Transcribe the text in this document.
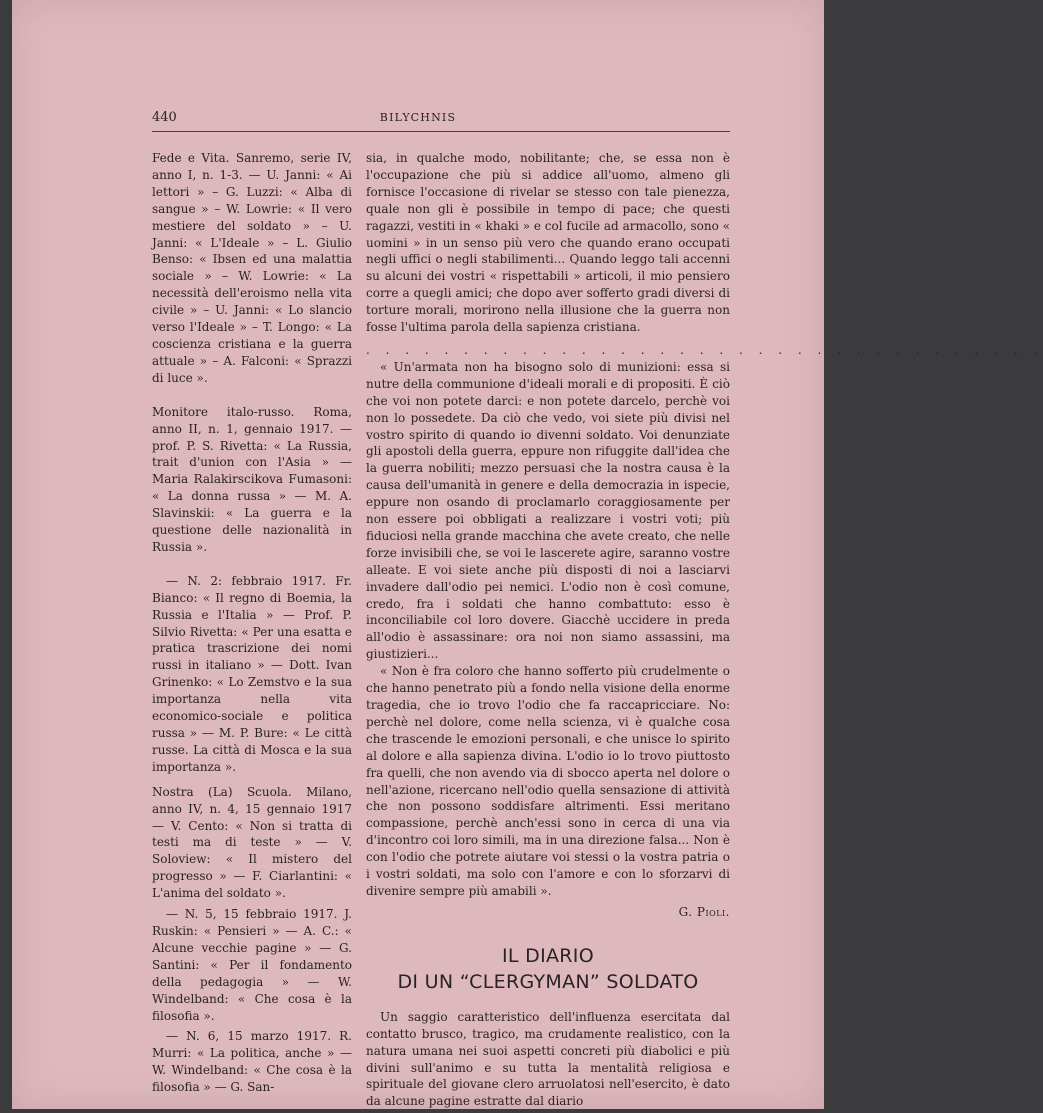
440	BILYCHNIS

Fede e Vita. Sanremo, serie IV, anno I, n. 1-3. — U. Janni: « Ai lettori » – G. Luzzi: « Alba di sangue » – W. Lowrie: « Il vero mestiere del soldato » – U. Janni: « L'Ideale » – L. Giulio Benso: « Ibsen ed una malattia sociale » – W. Lowrie: « La necessità dell'eroismo nella vita civile » – U. Janni: « Lo slancio verso l'Ideale » – T. Longo: « La coscienza cristiana e la guerra attuale » – A. Falconi: « Sprazzi di luce ».

Monitore italo-russo. Roma, anno II, n. 1, gennaio 1917. — prof. P. S. Rivetta: « La Russia, trait d'union con l'Asia » — Maria Ralakirscikova Fumasoni: « La donna russa » — M. A. Slavinskii: « La guerra e la questione delle nazionalità in Russia ».

— N. 2: febbraio 1917. Fr. Bianco: « Il regno di Boemia, la Russia e l'Italia » — Prof. P. Silvio Rivetta: « Per una esatta e pratica trascrizione dei nomi russi in italiano » — Dott. Ivan Grinenko: « Lo Zemstvo e la sua importanza nella vita economico-sociale e politica russa » — M. P. Bure: « Le città russe. La città di Mosca e la sua importanza ».

Nostra (La) Scuola. Milano, anno IV, n. 4, 15 gennaio 1917 — V. Cento: « Non si tratta di testi ma di teste » — V. Soloview: « Il mistero del progresso » — F. Ciarlantini: « L'anima del soldato ».

— N. 5, 15 febbraio 1917. J. Ruskin: « Pensieri » — A. C.: « Alcune vecchie pagine » — G. Santini: « Per il fondamento della pedagogia » — W. Windelband: « Che cosa è la filosofia ».

— N. 6, 15 marzo 1917. R. Murri: « La politica, anche » — W. Windelband: « Che cosa è la filosofia » — G. San-

sia, in qualche modo, nobilitante; che, se essa non è l'occupazione che più si addice all'uomo, almeno gli fornisce l'occasione di rivelar se stesso con tale pienezza, quale non gli è possibile in tempo di pace; che questi ragazzi, vestiti in « khaki » e col fucile ad armacollo, sono « uomini » in un senso più vero che quando erano occupati negli uffici o negli stabilimenti... Quando leggo tali accenni su alcuni dei vostri « rispettabili » articoli, il mio pensiero corre a quegli amici; che dopo aver sofferto gradi diversi di torture morali, morirono nella illusione che la guerra non fosse l'ultima parola della sapienza cristiana.

. . . . . . . . . . . . . . . . . . . . . . . . . . . . . . . . . . .

« Un'armata non ha bisogno solo di munizioni: essa si nutre della communione d'ideali morali e di propositi. È ciò che voi non potete darci: e non potete darcelo, perchè voi non lo possedete. Da ciò che vedo, voi siete più divisi nel vostro spirito di quando io divenni soldato. Voi denunziate gli apostoli della guerra, eppure non rifuggite dall'idea che la guerra nobiliti; mezzo persuasi che la nostra causa è la causa dell'umanità in genere e della democrazia in ispecie, eppure non osando di proclamarlo coraggiosamente per non essere poi obbligati a realizzare i vostri voti; più fiduciosi nella grande macchina che avete creato, che nelle forze invisibili che, se voi le lascerete agire, saranno vostre alleate. E voi siete anche più disposti di noi a lasciarvi invadere dall'odio pei nemici. L'odio non è così comune, credo, fra i soldati che hanno combattuto: esso è inconciliabile col loro dovere. Giacchè uccidere in preda all'odio è assassinare: ora noi non siamo assassini, ma giustizieri...

« Non è fra coloro che hanno sofferto più crudelmente o che hanno penetrato più a fondo nella visione della enorme tragedia, che io trovo l'odio che fa raccapricciare. No: perchè nel dolore, come nella scienza, vi è qualche cosa che trascende le emozioni personali, e che unisce lo spirito al dolore e alla sapienza divina. L'odio io lo trovo piuttosto fra quelli, che non avendo via di sbocco aperta nel dolore o nell'azione, ricercano nell'odio quella sensazione di attività che non possono soddisfare altrimenti. Essi meritano compassione, perchè anch'essi sono in cerca di una via d'incontro coi loro simili, ma in una direzione falsa... Non è con l'odio che potrete aiutare voi stessi o la vostra patria o i vostri soldati, ma solo con l'amore e con lo sforzarvi di divenire sempre più amabili ».

G. Pioli.

IL DIARIO
DI UN “CLERGYMAN” SOLDATO

Un saggio caratteristico dell'influenza esercitata dal contatto brusco, tragico, ma crudamente realistico, con la natura umana nei suoi aspetti concreti più diabolici e più divini sull'animo e su tutta la mentalità religiosa e spirituale del giovane clero arruolatosi nell'esercito, è dato da alcune pagine estratte dal diario
